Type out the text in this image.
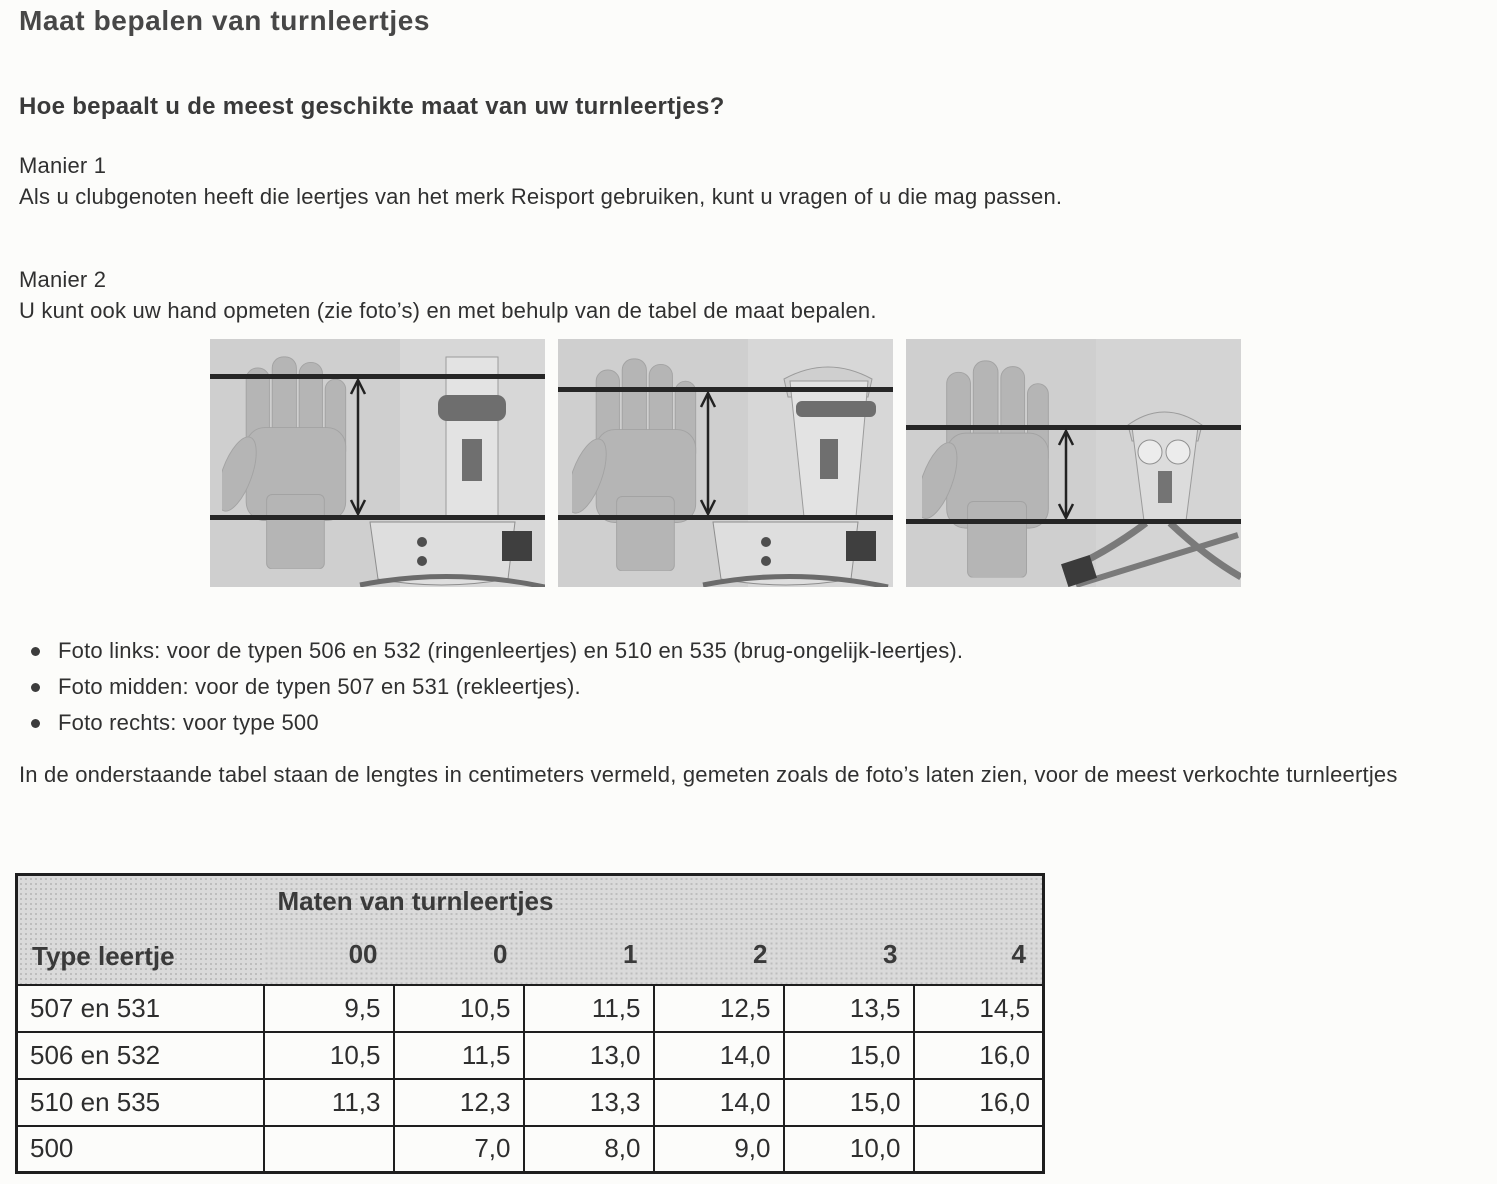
Maat bepalen van turnleertjes
Hoe bepaalt u de meest geschikte maat van uw turnleertjes?
Manier 1
Als u clubgenoten heeft die leertjes van het merk Reisport gebruiken, kunt u vragen of u die mag passen.
Manier 2
U kunt ook uw hand opmeten (zie foto’s) en met behulp van de tabel de maat bepalen.
Foto links: voor de typen 506 en 532 (ringenleertjes) en 510 en 535 (brug-ongelijk-leertjes).
Foto midden: voor de typen 507 en 531 (rekleertjes).
Foto rechts: voor type 500
In de onderstaande tabel staan de lengtes in centimeters vermeld, gemeten zoals de foto’s laten zien, voor de meest verkochte turnleertjes
Type leertje	Maten van turnleertjes					
	00	0	1	2	3	4
507 en 531	9,5	10,5	11,5	12,5	13,5	14,5
506 en 532	10,5	11,5	13,0	14,0	15,0	16,0
510 en 535	11,3	12,3	13,3	14,0	15,0	16,0
500		7,0	8,0	9,0	10,0	
